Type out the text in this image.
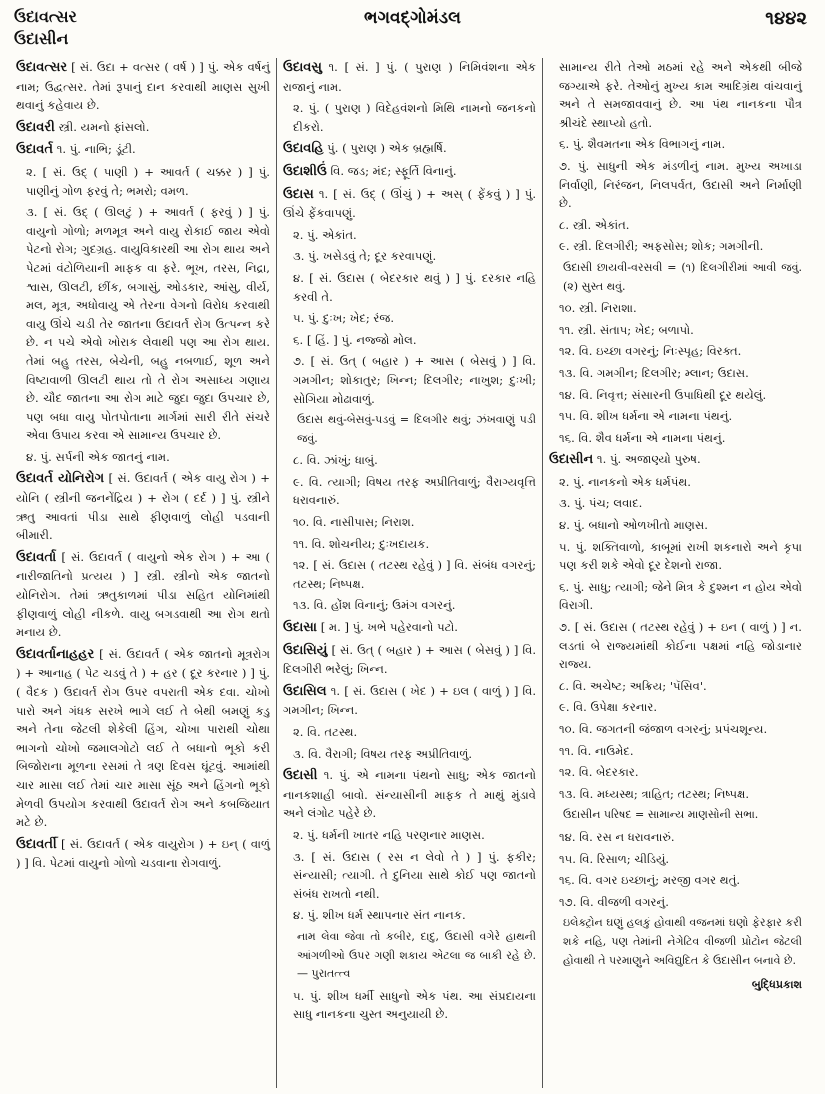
ઉદાવત્સર
ઉદાસીન
ભગવદ્ગોમંડલ	૧૪૪૨
ઉદાવત્સર [ સં. ઉદા + વત્સર ( વર્ષ ) ] પું. એક વર્ષનું નામ; ઉદ્વત્સર. તેમાં રૂપાનું દાન કરવાથી માણસ સુખી થવાનું કહેવાય છે.
ઉદાવરી સ્ત્રી. યમનો ફાંસલો.
ઉદાવર્ત ૧. પું. નાભિ; ડૂંટી.
૨. [ સં. ઉદ્ ( પાણી ) + આવર્ત ( ચક્કર ) ] પું. પાણીનું ગોળ ફરવું તે; ભમરો; વમળ.
૩. [ સં. ઉદ્ ( ઊલટું ) + આવર્ત ( ફરવું ) ] પું. વાયુનો ગોળો; મળમૂત્ર અને વાયુ રોકાઈ જાય એવો પેટનો રોગ; ગુદગ્રહ. વાયુવિકારથી આ રોગ થાય અને પેટમાં વંટોળિયાની માફક વા ફરે. ભૂખ, તરસ, નિદ્રા, શ્વાસ, ઊલટી, છીંક, બગાસું, ઓડકાર, આંસુ, વીર્ય, મલ, મૂત્ર, અધોવાયુ એ તેરના વેગનો વિરોધ કરવાથી વાયુ ઊંચે ચડી તેર જાતના ઉદાવર્ત રોગ ઉત્પન્ન કરે છે. ન પચે એવો ખોરાક લેવાથી પણ આ રોગ થાય. તેમાં બહુ તરસ, બેચેની, બહુ નબળાઈ, શૂળ અને વિષ્ટાવાળી ઊલટી થાય તો તે રોગ અસાધ્ય ગણાય છે. ચૌદ જાતના આ રોગ માટે જુદા જુદા ઉપચાર છે, પણ બધા વાયુ પોતપોતાના માર્ગમાં સારી રીતે સંચરે એવા ઉપાય કરવા એ સામાન્ય ઉપચાર છે.
૪. પું. સર્પની એક જાતનું નામ.
ઉદાવર્ત યોનિરોગ [ સં. ઉદાવર્ત ( એક વાયુ રોગ ) + યોનિ ( સ્ત્રીની જનનેંદ્રિય ) + રોગ ( દર્દ ) ] પું. સ્ત્રીને ઋતુ આવતાં પીડા સાથે ફીણવાળું લોહી પડવાની બીમારી.
ઉદાવર્તા [ સં. ઉદાવર્ત ( વાયુનો એક રોગ ) + આ ( નારીજાતિનો પ્રત્યય ) ] સ્ત્રી. સ્ત્રીનો એક જાતનો યોનિરોગ. તેમાં ઋતુકાળમાં પીડા સહિત યોનિમાંથી ફીણવાળું લોહી નીકળે. વાયુ બગડવાથી આ રોગ થતો મનાય છે.
ઉદાવર્તાનાહહર [ સં. ઉદાવર્ત ( એક જાતનો મૂત્રરોગ ) + આનાહ ( પેટ ચડવું તે ) + હર ( દૂર કરનાર ) ] પું. ( વૈદક ) ઉદાવર્ત રોગ ઉપર વપરાતી એક દવા. ચોખો પારો અને ગંધક સરખે ભાગે લઈ તે બેથી બમણું કડુ અને તેના જેટલી શેકેલી હિંગ, ચોખા પારાથી ચોથા ભાગનો ચોખો જમાલગોટો લઈ તે બધાનો ભૂકો કરી બિજોરાના મૂળના રસમાં તે ત્રણ દિવસ ઘૂંટવું. આમાંથી ચાર માસા લઈ તેમાં ચાર માસા સૂંઠ અને હિંગનો ભૂકો મેળવી ઉપયોગ કરવાથી ઉદાવર્ત રોગ અને કબજિયાત મટે છે.
ઉદાવર્તી [ સં. ઉદાવર્ત ( એક વાયુરોગ ) + ઇન્ ( વાળું ) ] વિ. પેટમાં વાયુનો ગોળો ચડવાના રોગવાળું.
ઉદાવસુ ૧. [ સં. ] પું. ( પુરાણ ) નિમિવંશના એક રાજાનું નામ.
૨. પું. ( પુરાણ ) વિદેહવંશનો મિથિ નામનો જનકનો દીકરો.
ઉદાવહિ પું. ( પુરાણ ) એક બ્રહ્મર્ષિ.
ઉદાશીઉં વિ. જડ; મંદ; સ્ફૂર્તિ વિનાનું.
ઉદાસ ૧. [ સં. ઉદ્ ( ઊંચું ) + અસ્ ( ફેંકવું ) ] પું. ઊંચે ફેંકવાપણું.
૨. પું. એકાંત.
૩. પું. ખસેડવું તે; દૂર કરવાપણું.
૪. [ સં. ઉદાસ ( બેદરકાર થવું ) ] પું. દરકાર નહિ કરવી તે.
૫. પું. દુઃખ; ખેદ; રંજ.
૬. [ હિં. ] પું. નજ્જો મોલ.
૭. [ સં. ઉત્ ( બહાર ) + આસ ( બેસવું ) ] વિ. ગમગીન; શોકાતુર; ખિન્ન; દિલગીર; નાખુશ; દુઃખી; સોગિયા મોઢાવાળું.
ઉદાસ થવું-બેસવું-પડવું = દિલગીર થવું; ઝંખવાણું પડી જવું.
૮. વિ. ઝાંખું; ધાબું.
૯. વિ. ત્યાગી; વિષય તરફ અપ્રીતિવાળું; વૈરાગ્યવૃત્તિ ધરાવનારું.
૧૦. વિ. નાસીપાસ; નિરાશ.
૧૧. વિ. શોચનીય; દુઃખદાયક.
૧૨. [ સં. ઉદાસ ( તટસ્થ રહેવું ) ] વિ. સંબંધ વગરનું; તટસ્થ; નિષ્પક્ષ.
૧૩. વિ. હોંશ વિનાનું; ઉમંગ વગરનું.
ઉદાસા [ મ. ] પું. ખભે પહેરવાનો પટો.
ઉદાસિયું [ સં. ઉત્ ( બહાર ) + આસ ( બેસવું ) ] વિ. દિલગીરી ભરેલું; ખિન્ન.
ઉદાસિલ ૧. [ સં. ઉદાસ ( ખેદ ) + ઇલ ( વાળું ) ] વિ. ગમગીન; ખિન્ન.
૨. વિ. તટસ્થ.
૩. વિ. વૈરાગી; વિષય તરફ અપ્રીતિવાળું.
ઉદાસી ૧. પું. એ નામના પંથનો સાધુ; એક જાતનો નાનકશાહી બાવો. સંન્યાસીની માફક તે માથું મુંડાવે અને લંગોટ પહેરે છે.
૨. પું. ધર્મની ખાતર નહિ પરણનાર માણસ.
૩. [ સં. ઉદાસ ( રસ ન લેવો તે ) ] પું. ફકીર; સંન્યાસી; ત્યાગી. તે દુનિયા સાથે કોઈ પણ જાતનો સંબંધ રાખતો નથી.
૪. પું. શીખ ધર્મ સ્થાપનાર સંત નાનક.
નામ લેવા જેવા તો કબીર, દાદુ, ઉદાસી વગેરે હાથની આંગળીઓ ઉપર ગણી શકાય એટલા જ બાકી રહે છે. — પુરાતત્ત્વ
૫. પું. શીખ ધર્મી સાધુનો એક પંથ. આ સંપ્રદાયના સાધુ નાનકના ચુસ્ત અનુયાયી છે.
સામાન્ય રીતે તેઓ મઠમાં રહે અને એકથી બીજે જગ્યાએ ફરે. તેઓનું મુખ્ય કામ આદિગ્રંથ વાંચવાનું અને તે સમજાવવાનું છે. આ પંથ નાનકના પૌત્ર શ્રીચંદે સ્થાપ્યો હતો.
૬. પું. શૈવમતના એક વિભાગનું નામ.
૭. પું. સાધુની એક મંડળીનું નામ. મુખ્ય અખાડા નિર્વાણી, નિરંજન, નિલપર્વત, ઉદાસી અને નિર્માણી છે.
૮. સ્ત્રી. એકાંત.
૯. સ્ત્રી. દિલગીરી; અફસોસ; શોક; ગમગીની.
ઉદાસી છાયવી-વરસવી = (૧) દિલગીરીમાં આવી જવું. (૨) સુસ્ત થવું.
૧૦. સ્ત્રી. નિરાશા.
૧૧. સ્ત્રી. સંતાપ; ખેદ; બળાપો.
૧૨. વિ. ઇચ્છા વગરનું; નિઃસ્પૃહ; વિરક્ત.
૧૩. વિ. ગમગીન; દિલગીર; મ્લાન; ઉદાસ.
૧૪. વિ. નિવૃત્ત; સંસારની ઉપાધિથી દૂર થયેલું.
૧૫. વિ. શીખ ધર્મના એ નામના પંથનું.
૧૬. વિ. શૈવ ધર્મના એ નામના પંથનું.
ઉદાસીન ૧. પું. અજાણ્યો પુરુષ.
૨. પું. નાનકનો એક ધર્મપંથ.
૩. પું. પંચ; લવાદ.
૪. પું. બધાનો ઓળખીતો માણસ.
૫. પું. શક્તિવાળો, કાબૂમાં રાખી શકનારો અને કૃપા પણ કરી શકે એવો દૂર દેશનો રાજા.
૬. પું. સાધુ; ત્યાગી; જેને મિત્ર કે દુશ્મન ન હોય એવો વિરાગી.
૭. [ સં. ઉદાસ ( તટસ્થ રહેવું ) + ઇન ( વાળું ) ] ન. લડતાં બે રાજ્યમાંથી કોઈના પક્ષમાં નહિ જોડાનાર રાજ્ય.
૮. વિ. અચેષ્ટ; અક્રિય; 'પૅસિવ'.
૯. વિ. ઉપેક્ષા કરનાર.
૧૦. વિ. જગતની જંજાળ વગરનું; પ્રપંચશૂન્ય.
૧૧. વિ. નાઉમેદ.
૧૨. વિ. બેદરકાર.
૧૩. વિ. મધ્યસ્થ; ત્રાહિત; તટસ્થ; નિષ્પક્ષ.
ઉદાસીન પરિષદ = સામાન્ય માણસોની સભા.
૧૪. વિ. રસ ન ધરાવનારું.
૧૫. વિ. રિસાળ; ચીડિયું.
૧૬. વિ. વગર ઇચ્છાનું; મરજી વગર થતું.
૧૭. વિ. વીજળી વગરનું.
ઇલેક્ટ્રોન ઘણું હલકું હોવાથી વજનમાં ઘણો ફેરફાર કરી શકે નહિ, પણ તેમાંની નેગેટિવ વીજળી પ્રોટોન જેટલી હોવાથી તે પરમાણુને અવિદ્યુદિત કે ઉદાસીન બનાવે છે.
બુદ્ધિપ્રકાશ
